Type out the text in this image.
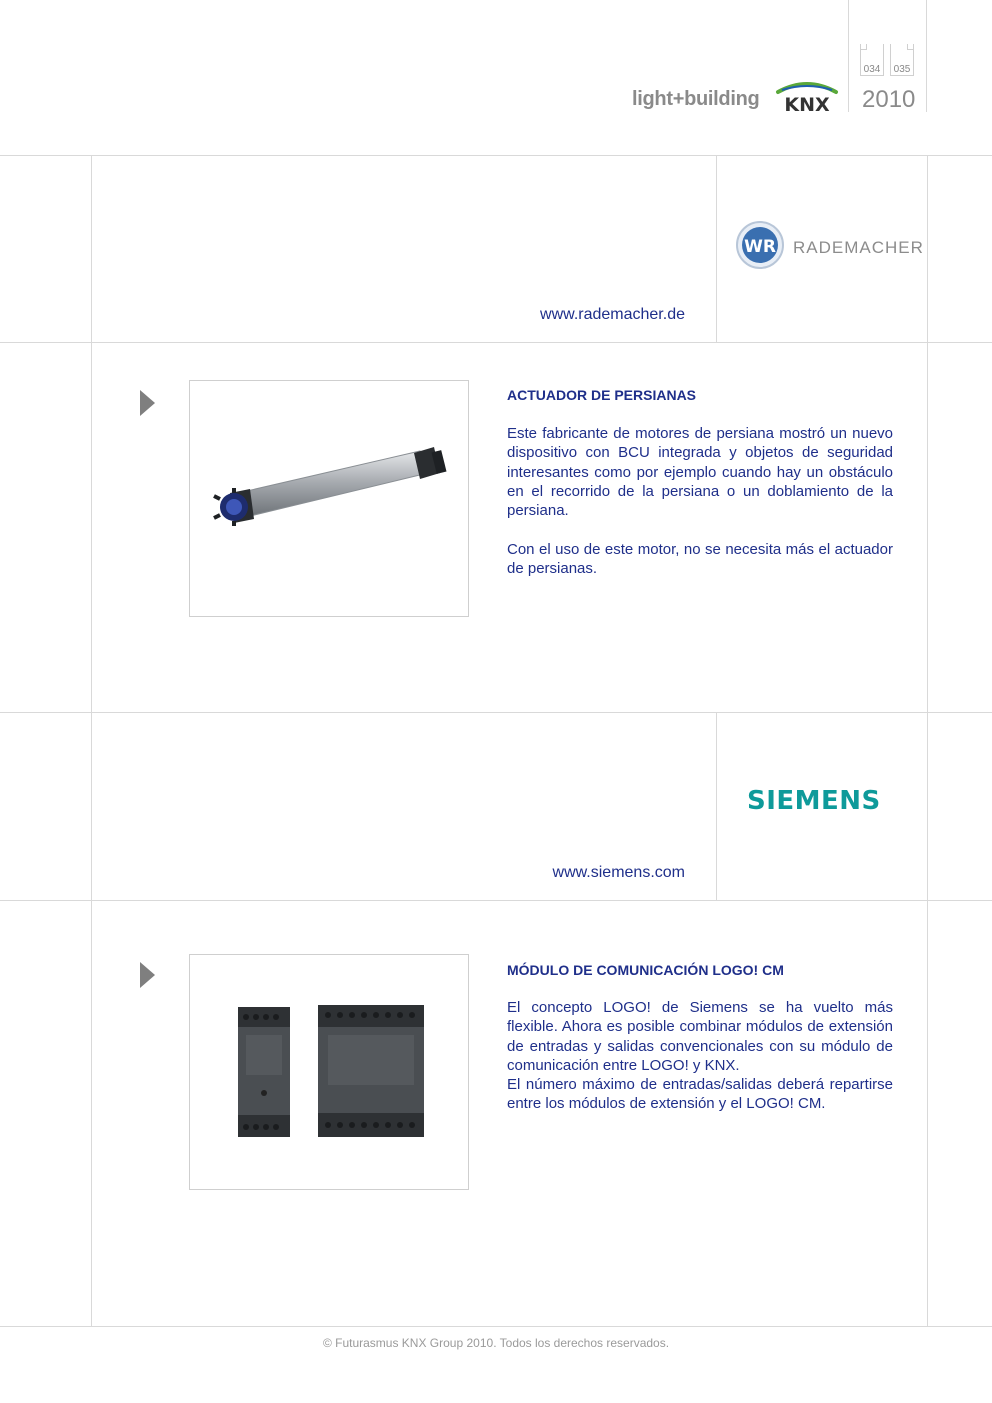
034	035
light+building KNX 2010
WR RADEMACHER
www.rademacher.de
ACTUADOR DE PERSIANAS

Este fabricante de motores de persiana mostró un nuevo dispositivo con BCU integrada y objetos de seguridad interesantes como por ejemplo cuando hay un obstáculo en el recorrido de la persiana o un doblamiento de la persiana.

Con el uso de este motor, no se necesita más el actuador de persianas.

SIEMENS
www.siemens.com
MÓDULO DE COMUNICACIÓN LOGO! CM
El concepto LOGO! de Siemens se ha vuelto más flexible. Ahora es posible combinar módulos de extensión de entradas y salidas convencionales con su módulo de comunicación entre LOGO! y KNX.
El número máximo de entradas/salidas deberá repartirse entre los módulos de extensión y el LOGO! CM.
© Futurasmus KNX Group 2010. Todos los derechos reservados.
